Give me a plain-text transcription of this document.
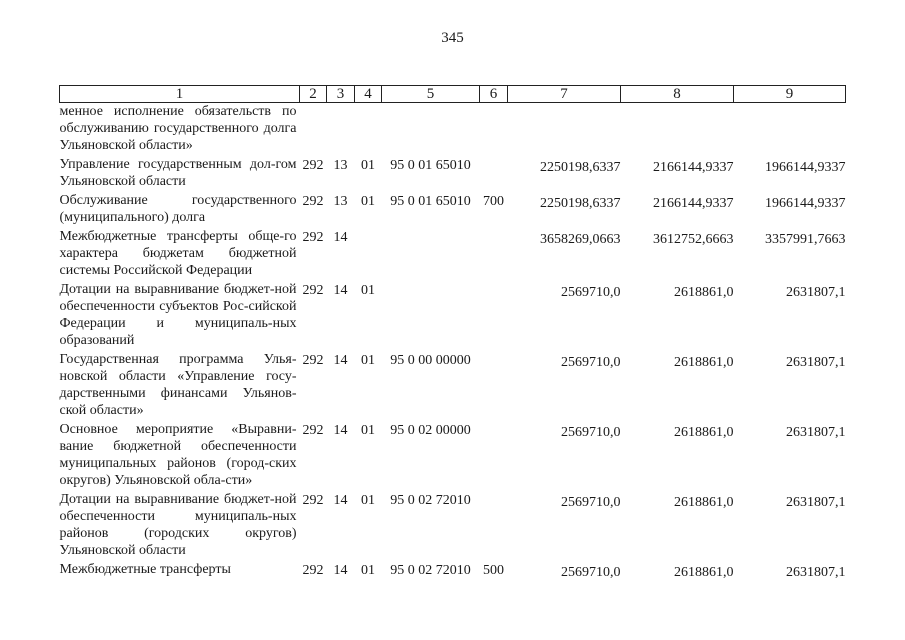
345
1	2	3	4	5	6	7	8	9
менное исполнение обязательств по обслуживанию государственного долга Ульяновской области»								
Управление государственным дол-гом Ульяновской области	292	13	01	95 0 01 65010		2250198,6337	2166144,9337	1966144,9337
Обслуживание государственного (муниципального) долга	292	13	01	95 0 01 65010	700	2250198,6337	2166144,9337	1966144,9337
Межбюджетные трансферты обще-го характера бюджетам бюджетной системы Российской Федерации	292	14				3658269,0663	3612752,6663	3357991,7663
Дотации на выравнивание бюджет-ной обеспеченности субъектов Рос-сийской Федерации и муниципаль-ных образований	292	14	01			2569710,0	2618861,0	2631807,1
Государственная программа Улья-новской области «Управление госу-дарственными финансами Ульянов-ской области»	292	14	01	95 0 00 00000		2569710,0	2618861,0	2631807,1
Основное мероприятие «Выравни-вание бюджетной обеспеченности муниципальных районов (город-ских округов) Ульяновской обла-сти»	292	14	01	95 0 02 00000		2569710,0	2618861,0	2631807,1
Дотации на выравнивание бюджет-ной обеспеченности муниципаль-ных районов (городских округов) Ульяновской области	292	14	01	95 0 02 72010		2569710,0	2618861,0	2631807,1
Межбюджетные трансферты	292	14	01	95 0 02 72010	500	2569710,0	2618861,0	2631807,1
